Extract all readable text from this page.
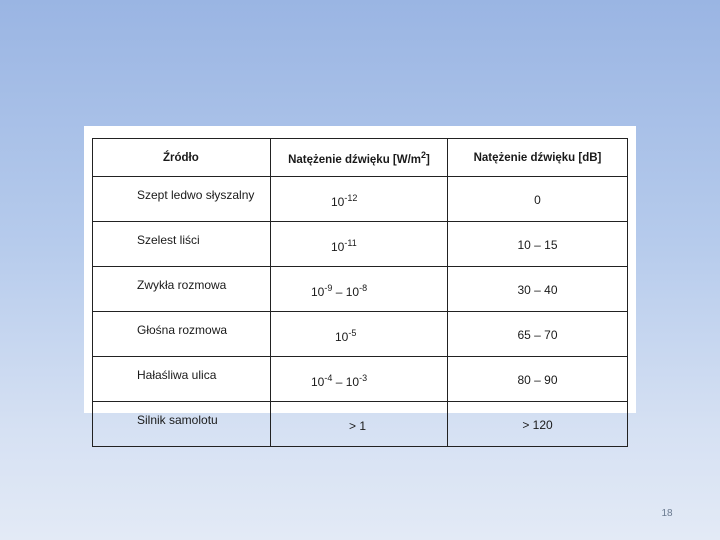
Źródło	Natężenie dźwięku $[W/m^2]$	Natężenie dźwięku [dB]
Szept ledwo słyszalny	$10^{-12}$	0
Szelest liści	$10^{-11}$	10 – 15
Zwykła rozmowa	$10^{-9} - 10^{-8}$	30 – 40
Głośna rozmowa	$10^{-5}$	65 – 70
Hałaśliwa ulica	$10^{-4} - 10^{-3}$	80 – 90
Silnik samolotu	> 1	> 120
18
